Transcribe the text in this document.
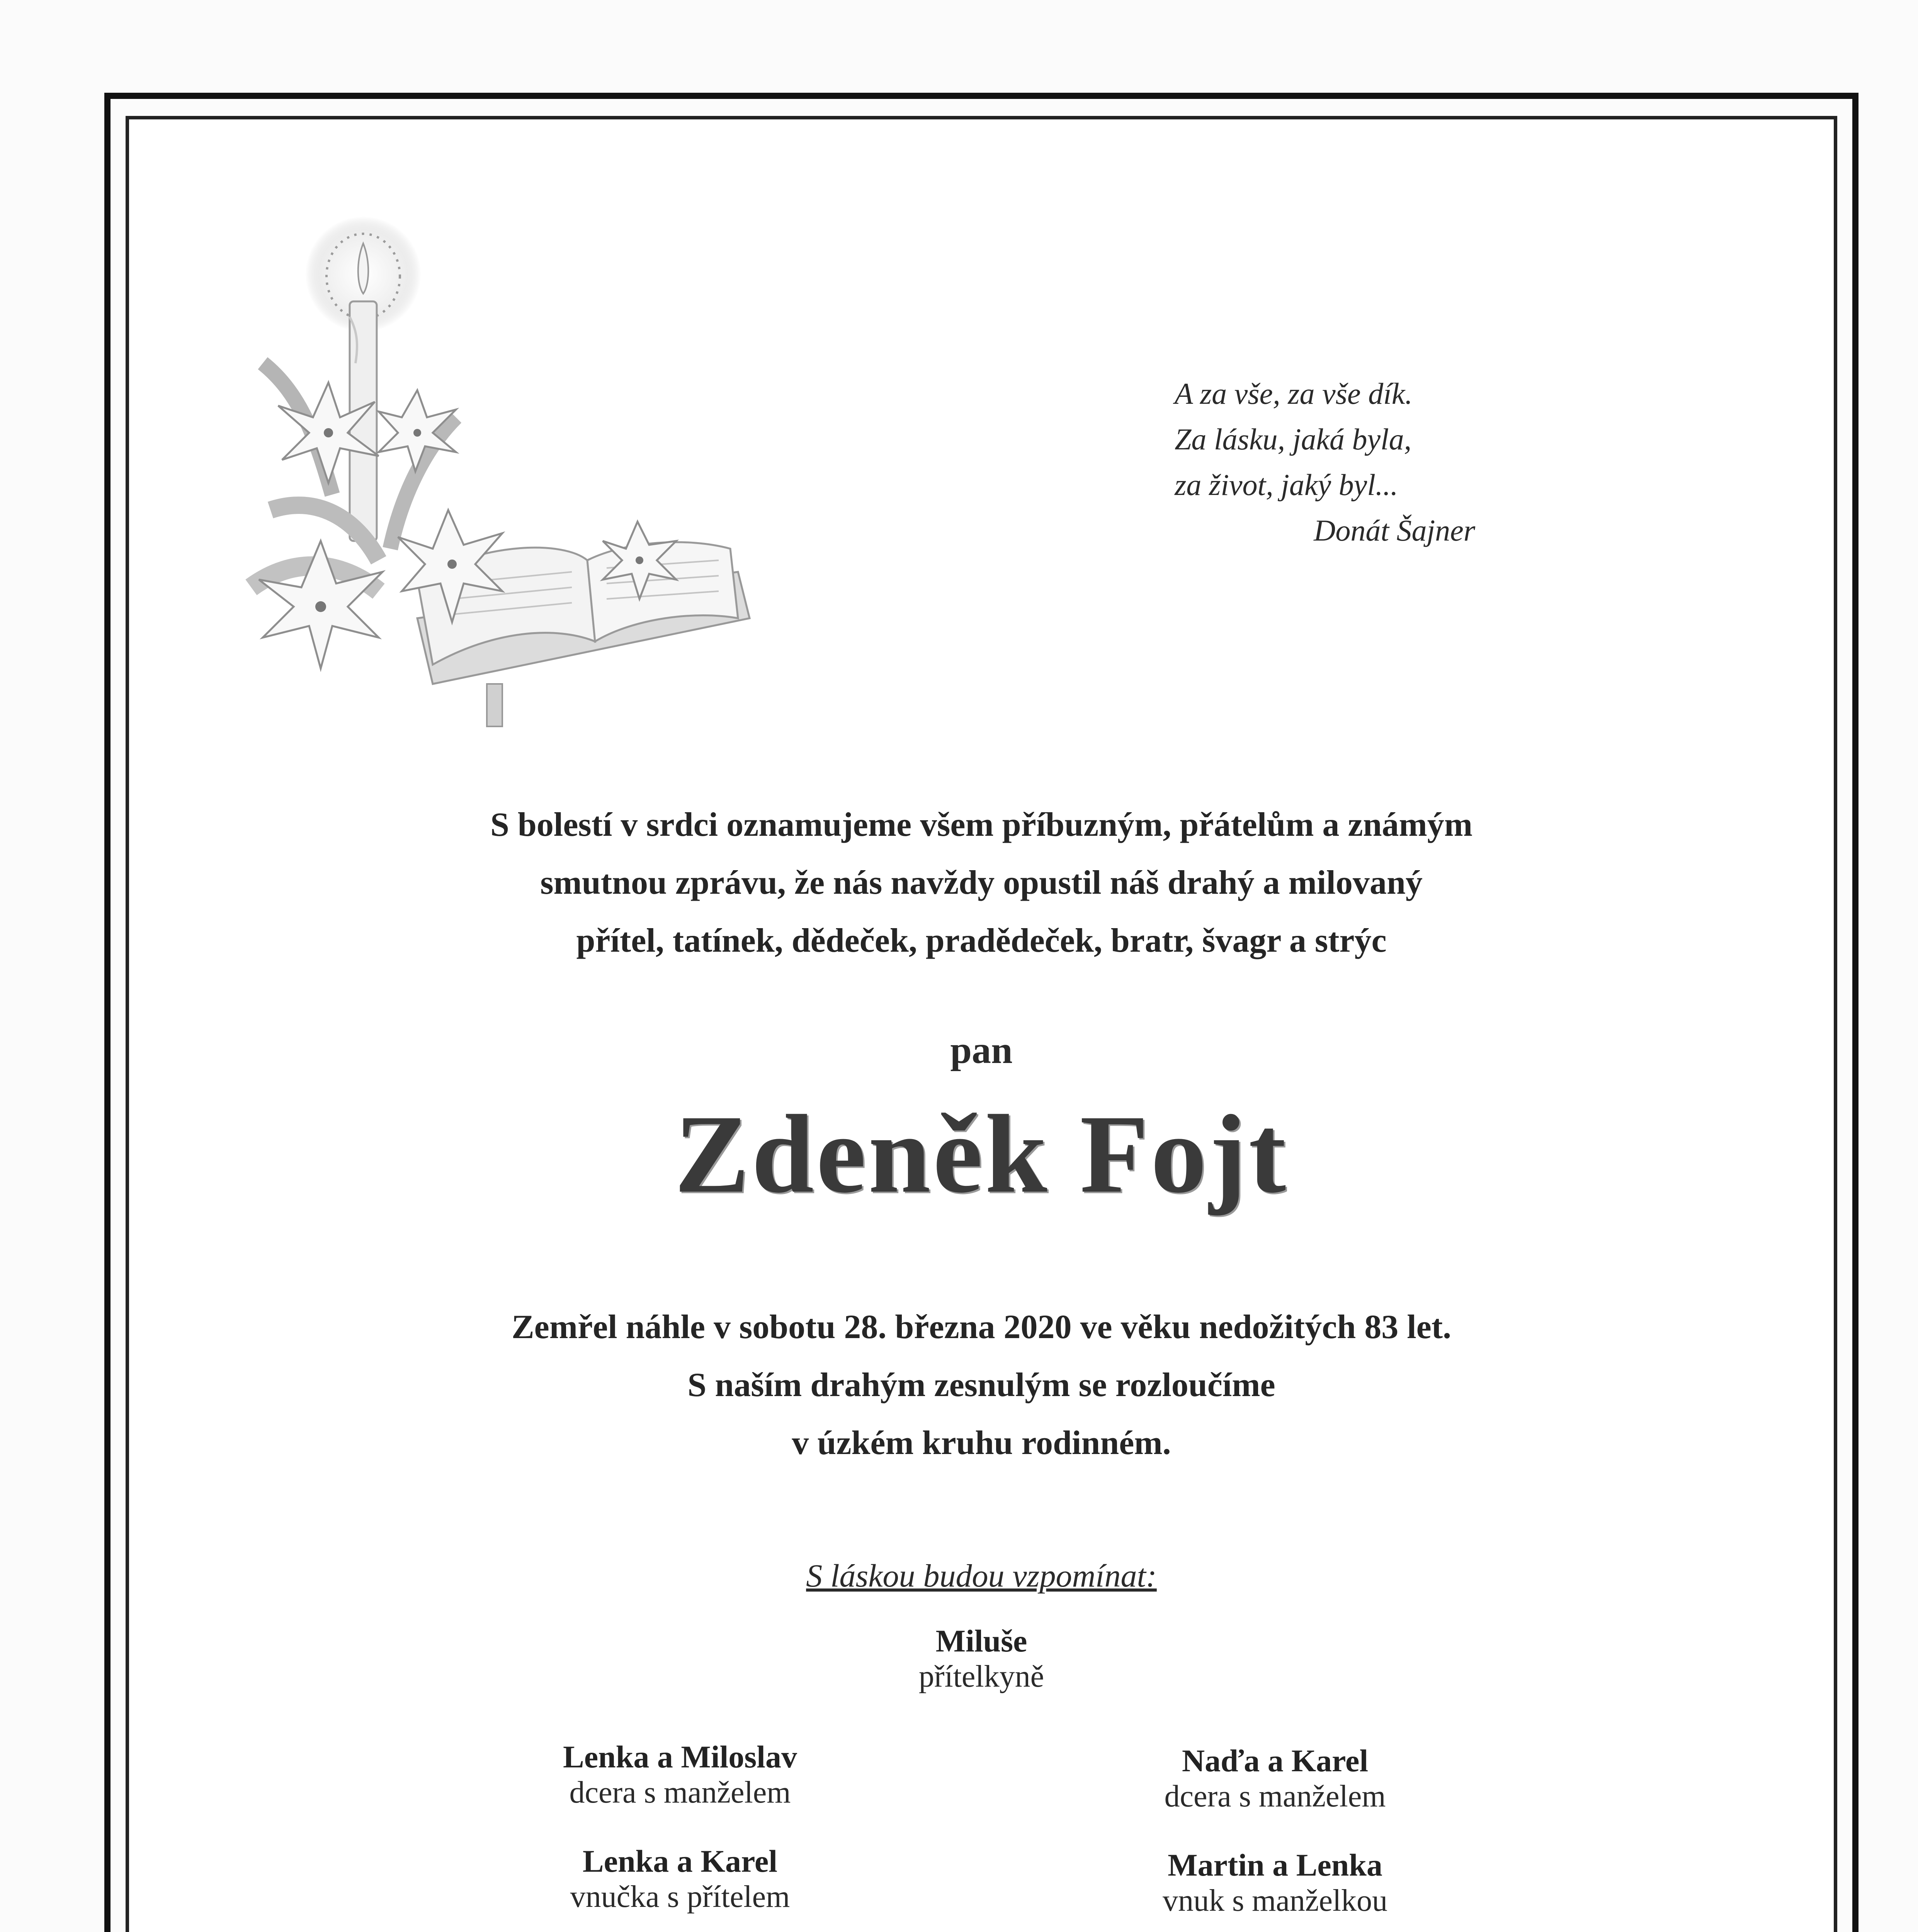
A za vše, za vše dík.
Za lásku, jaká byla,
za život, jaký byl...
Donát Šajner
S bolestí v srdci oznamujeme všem příbuzným, přátelům a známým
smutnou zprávu, že nás navždy opustil náš drahý a milovaný
přítel, tatínek, dědeček, pradědeček, bratr, švagr a strýc
pan
Zdeněk Fojt
Zemřel náhle v sobotu 28. března 2020 ve věku nedožitých 83 let.
S naším drahým zesnulým se rozloučíme
v úzkém kruhu rodinném.
S láskou budou vzpomínat:
Miluše
přítelkyně
Lenka a Miloslav
dcera s manželem
Lenka a Karel
vnučka s přítelem
Naďa a Karel
dcera s manželem
Martin a Lenka
vnuk s manželkou
